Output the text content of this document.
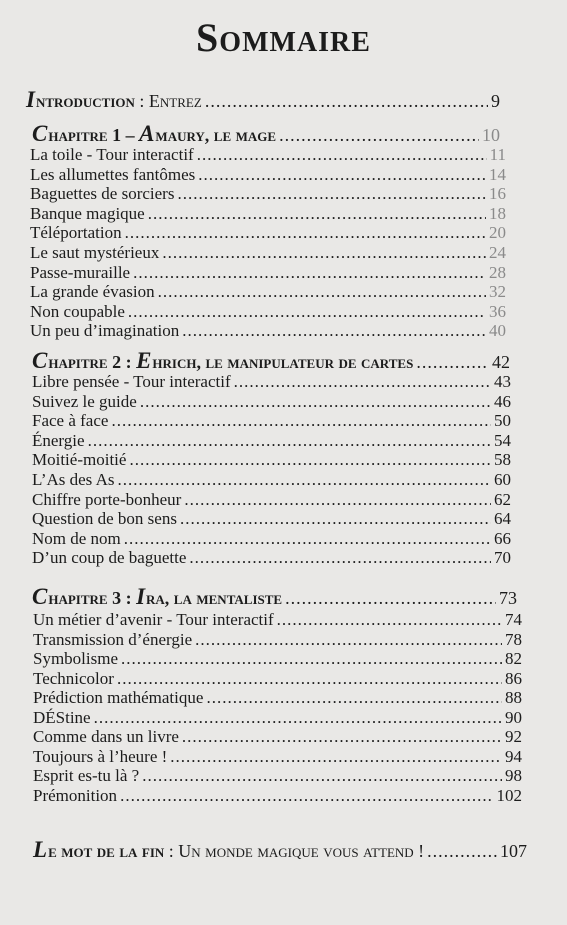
Sommaire
Introduction : Entrez .....	9
Chapitre 1 – Amaury, le mage .....	10
La toile - Tour interactif .....	11
Les allumettes fantômes .....	14
Baguettes de sorciers .....	16
Banque magique .....	18
Téléportation .....	20
Le saut mystérieux .....	24
Passe-muraille .....	28
La grande évasion .....	32
Non coupable .....	36
Un peu d’imagination .....	40
Chapitre 2 : Ehrich, le manipulateur de cartes .....	42
Libre pensée - Tour interactif .....	43
Suivez le guide .....	46
Face à face .....	50
Énergie .....	54
Moitié-moitié .....	58
L’As des As .....	60
Chiffre porte-bonheur .....	62
Question de bon sens .....	64
Nom de nom .....	66
D’un coup de baguette .....	70
Chapitre 3 : Ira, la mentaliste .....	73
Un métier d’avenir - Tour interactif .....	74
Transmission d’énergie .....	78
Symbolisme .....	82
Technicolor .....	86
Prédiction mathématique .....	88
DÉStine .....	90
Comme dans un livre .....	92
Toujours à l’heure ! .....	94
Esprit es-tu là ? .....	98
Prémonition .....	102
Le mot de la fin : Un monde magique vous attend ! .....	107
